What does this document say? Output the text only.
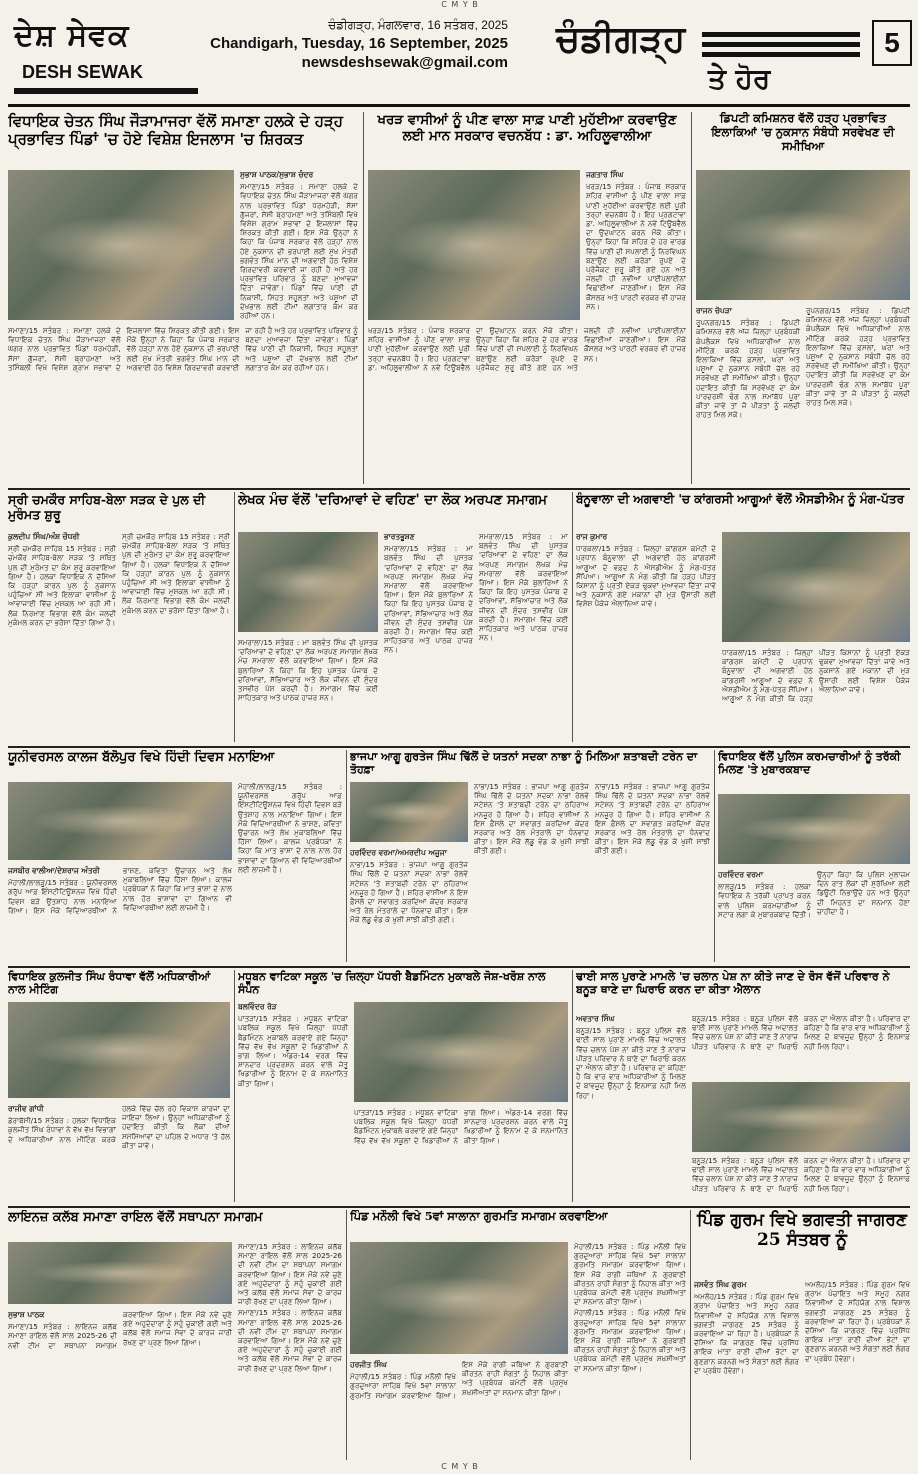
C M Y B
ਦੇਸ਼ ਸੇਵਕ
DESH SEWAK
ਚੰਡੀਗੜ੍ਹ, ਮੰਗਲਵਾਰ, 16 ਸਤੰਬਰ, 2025
Chandigarh, Tuesday, 16 September, 2025
newsdeshsewak@gmail.com
ਚੰਡੀਗੜ੍ਹ
ਤੇ ਹੋਰ
5
ਵਿਧਾਇਕ ਚੇਤਨ ਸਿੰਘ ਜੌੜਾਮਾਜਰਾ ਵੱਲੋਂ ਸਮਾਣਾ ਹਲਕੇ ਦੇ ਹੜ੍ਹ ਪ੍ਰਭਾਵਿਤ ਪਿੰਡਾਂ 'ਚ ਹੋਏ ਵਿਸ਼ੇਸ਼ ਇਜਲਾਸ 'ਚ ਸ਼ਿਰਕਤ
ਸੁਭਾਸ਼ ਪਾਠਕ/ਸੁਭਾਸ਼ ਚੰਦਰ

ਸਮਾਣਾ/15 ਸਤੰਬਰ : ਸਮਾਣਾ ਹਲਕੇ ਦੇ ਵਿਧਾਇਕ ਚੇਤਨ ਸਿੰਘ ਜੌੜਾਮਾਜਰਾ ਵੱਲੋਂ ਘੱਗਰ ਨਾਲ ਪ੍ਰਭਾਵਿਤ ਪਿੰਡਾਂ ਧਰਮਹੇੜੀ, ਸੱਸਾ ਗੁੱਜਰਾਂ, ਸੱਸੀ ਬ੍ਰਾਹਮਣਾਂ ਅਤੇ ਤਸਿੰਬਲੀ ਵਿਖੇ ਵਿਸ਼ੇਸ਼ ਗ੍ਰਾਮ ਸਭਾਵਾਂ ਦੇ ਇਜਲਾਸਾਂ ਵਿੱਚ ਸ਼ਿਰਕਤ ਕੀਤੀ ਗਈ। ਇਸ ਮੌਕੇ ਉਨ੍ਹਾਂ ਨੇ ਕਿਹਾ ਕਿ ਪੰਜਾਬ ਸਰਕਾਰ ਵੱਲੋਂ ਹੜ੍ਹਾਂ ਨਾਲ ਹੋਏ ਨੁਕਸਾਨ ਦੀ ਭਰਪਾਈ ਲਈ ਮੁੱਖ ਮੰਤਰੀ ਭਗਵੰਤ ਸਿੰਘ ਮਾਨ ਦੀ ਅਗਵਾਈ ਹੇਠ ਵਿਸ਼ੇਸ਼ ਗਿਰਦਾਵਰੀ ਕਰਵਾਈ ਜਾ ਰਹੀ ਹੈ ਅਤੇ ਹਰ ਪ੍ਰਭਾਵਿਤ ਪਰਿਵਾਰ ਨੂੰ ਬਣਦਾ ਮੁਆਵਜ਼ਾ ਦਿੱਤਾ ਜਾਵੇਗਾ। ਪਿੰਡਾਂ ਵਿੱਚ ਪਾਣੀ ਦੀ ਨਿਕਾਸੀ, ਸਿਹਤ ਸਹੂਲਤਾਂ ਅਤੇ ਪਸ਼ੂਆਂ ਦੀ ਦੇਖਭਾਲ ਲਈ ਟੀਮਾਂ ਲਗਾਤਾਰ ਕੰਮ ਕਰ ਰਹੀਆਂ ਹਨ।

ਸਮਾਣਾ/15 ਸਤੰਬਰ : ਸਮਾਣਾ ਹਲਕੇ ਦੇ ਵਿਧਾਇਕ ਚੇਤਨ ਸਿੰਘ ਜੌੜਾਮਾਜਰਾ ਵੱਲੋਂ ਘੱਗਰ ਨਾਲ ਪ੍ਰਭਾਵਿਤ ਪਿੰਡਾਂ ਧਰਮਹੇੜੀ, ਸੱਸਾ ਗੁੱਜਰਾਂ, ਸੱਸੀ ਬ੍ਰਾਹਮਣਾਂ ਅਤੇ ਤਸਿੰਬਲੀ ਵਿਖੇ ਵਿਸ਼ੇਸ਼ ਗ੍ਰਾਮ ਸਭਾਵਾਂ ਦੇ ਇਜਲਾਸਾਂ ਵਿੱਚ ਸ਼ਿਰਕਤ ਕੀਤੀ ਗਈ। ਇਸ ਮੌਕੇ ਉਨ੍ਹਾਂ ਨੇ ਕਿਹਾ ਕਿ ਪੰਜਾਬ ਸਰਕਾਰ ਵੱਲੋਂ ਹੜ੍ਹਾਂ ਨਾਲ ਹੋਏ ਨੁਕਸਾਨ ਦੀ ਭਰਪਾਈ ਲਈ ਮੁੱਖ ਮੰਤਰੀ ਭਗਵੰਤ ਸਿੰਘ ਮਾਨ ਦੀ ਅਗਵਾਈ ਹੇਠ ਵਿਸ਼ੇਸ਼ ਗਿਰਦਾਵਰੀ ਕਰਵਾਈ ਜਾ ਰਹੀ ਹੈ ਅਤੇ ਹਰ ਪ੍ਰਭਾਵਿਤ ਪਰਿਵਾਰ ਨੂੰ ਬਣਦਾ ਮੁਆਵਜ਼ਾ ਦਿੱਤਾ ਜਾਵੇਗਾ। ਪਿੰਡਾਂ ਵਿੱਚ ਪਾਣੀ ਦੀ ਨਿਕਾਸੀ, ਸਿਹਤ ਸਹੂਲਤਾਂ ਅਤੇ ਪਸ਼ੂਆਂ ਦੀ ਦੇਖਭਾਲ ਲਈ ਟੀਮਾਂ ਲਗਾਤਾਰ ਕੰਮ ਕਰ ਰਹੀਆਂ ਹਨ।

ਖਰੜ ਵਾਸੀਆਂ ਨੂੰ ਪੀਣ ਵਾਲਾ ਸਾਫ਼ ਪਾਣੀ ਮੁਹੱਈਆ ਕਰਵਾਉਣ ਲਈ ਮਾਨ ਸਰਕਾਰ ਵਚਨਬੱਧ : ਡਾ. ਅਹਿਲੂਵਾਲੀਆ
ਜਗਤਾਰ ਸਿੰਘ

ਖਰੜ/15 ਸਤੰਬਰ : ਪੰਜਾਬ ਸਰਕਾਰ ਸ਼ਹਿਰ ਵਾਸੀਆਂ ਨੂੰ ਪੀਣ ਵਾਲਾ ਸਾਫ਼ ਪਾਣੀ ਮੁਹੱਈਆ ਕਰਵਾਉਣ ਲਈ ਪੂਰੀ ਤਰ੍ਹਾਂ ਵਚਨਬੱਧ ਹੈ। ਇਹ ਪ੍ਰਗਟਾਵਾ ਡਾ. ਅਹਿਲੂਵਾਲੀਆ ਨੇ ਨਵੇਂ ਟਿਊਬਵੈੱਲ ਦਾ ਉਦਘਾਟਨ ਕਰਨ ਮੌਕੇ ਕੀਤਾ। ਉਨ੍ਹਾਂ ਕਿਹਾ ਕਿ ਸ਼ਹਿਰ ਦੇ ਹਰ ਵਾਰਡ ਵਿੱਚ ਪਾਣੀ ਦੀ ਸਪਲਾਈ ਨੂੰ ਨਿਰਵਿਘਨ ਬਣਾਉਣ ਲਈ ਕਰੋੜਾਂ ਰੁਪਏ ਦੇ ਪ੍ਰੋਜੈਕਟ ਸ਼ੁਰੂ ਕੀਤੇ ਗਏ ਹਨ ਅਤੇ ਜਲਦੀ ਹੀ ਨਵੀਆਂ ਪਾਈਪਲਾਈਨਾਂ ਵਿਛਾਈਆਂ ਜਾਣਗੀਆਂ। ਇਸ ਮੌਕੇ ਕੌਂਸਲਰ ਅਤੇ ਪਾਰਟੀ ਵਰਕਰ ਵੀ ਹਾਜ਼ਰ ਸਨ।

ਖਰੜ/15 ਸਤੰਬਰ : ਪੰਜਾਬ ਸਰਕਾਰ ਸ਼ਹਿਰ ਵਾਸੀਆਂ ਨੂੰ ਪੀਣ ਵਾਲਾ ਸਾਫ਼ ਪਾਣੀ ਮੁਹੱਈਆ ਕਰਵਾਉਣ ਲਈ ਪੂਰੀ ਤਰ੍ਹਾਂ ਵਚਨਬੱਧ ਹੈ। ਇਹ ਪ੍ਰਗਟਾਵਾ ਡਾ. ਅਹਿਲੂਵਾਲੀਆ ਨੇ ਨਵੇਂ ਟਿਊਬਵੈੱਲ ਦਾ ਉਦਘਾਟਨ ਕਰਨ ਮੌਕੇ ਕੀਤਾ। ਉਨ੍ਹਾਂ ਕਿਹਾ ਕਿ ਸ਼ਹਿਰ ਦੇ ਹਰ ਵਾਰਡ ਵਿੱਚ ਪਾਣੀ ਦੀ ਸਪਲਾਈ ਨੂੰ ਨਿਰਵਿਘਨ ਬਣਾਉਣ ਲਈ ਕਰੋੜਾਂ ਰੁਪਏ ਦੇ ਪ੍ਰੋਜੈਕਟ ਸ਼ੁਰੂ ਕੀਤੇ ਗਏ ਹਨ ਅਤੇ ਜਲਦੀ ਹੀ ਨਵੀਆਂ ਪਾਈਪਲਾਈਨਾਂ ਵਿਛਾਈਆਂ ਜਾਣਗੀਆਂ। ਇਸ ਮੌਕੇ ਕੌਂਸਲਰ ਅਤੇ ਪਾਰਟੀ ਵਰਕਰ ਵੀ ਹਾਜ਼ਰ ਸਨ।

ਡਿਪਟੀ ਕਮਿਸ਼ਨਰ ਵੱਲੋਂ ਹੜ੍ਹ ਪ੍ਰਭਾਵਿਤ ਇਲਾਕਿਆਂ 'ਚ ਨੁਕਸਾਨ ਸੰਬੰਧੀ ਸਰਵੇਖਣ ਦੀ ਸਮੀਖਿਆ
ਰਾਜਨ ਚੋਪੜਾ

ਰੂਪਨਗਰ/15 ਸਤੰਬਰ : ਡਿਪਟੀ ਕਮਿਸ਼ਨਰ ਵੱਲੋਂ ਅੱਜ ਜ਼ਿਲ੍ਹਾ ਪ੍ਰਬੰਧਕੀ ਕੰਪਲੈਕਸ ਵਿਖੇ ਅਧਿਕਾਰੀਆਂ ਨਾਲ ਮੀਟਿੰਗ ਕਰਕੇ ਹੜ੍ਹ ਪ੍ਰਭਾਵਿਤ ਇਲਾਕਿਆਂ ਵਿੱਚ ਫ਼ਸਲਾਂ, ਘਰਾਂ ਅਤੇ ਪਸ਼ੂਆਂ ਦੇ ਨੁਕਸਾਨ ਸਬੰਧੀ ਚੱਲ ਰਹੇ ਸਰਵੇਖਣ ਦੀ ਸਮੀਖਿਆ ਕੀਤੀ। ਉਨ੍ਹਾਂ ਹਦਾਇਤ ਕੀਤੀ ਕਿ ਸਰਵੇਖਣ ਦਾ ਕੰਮ ਪਾਰਦਰਸ਼ੀ ਢੰਗ ਨਾਲ ਸਮਾਂਬੱਧ ਪੂਰਾ ਕੀਤਾ ਜਾਵੇ ਤਾਂ ਜੋ ਪੀੜਤਾਂ ਨੂੰ ਜਲਦੀ ਰਾਹਤ ਮਿਲ ਸਕੇ।

ਰੂਪਨਗਰ/15 ਸਤੰਬਰ : ਡਿਪਟੀ ਕਮਿਸ਼ਨਰ ਵੱਲੋਂ ਅੱਜ ਜ਼ਿਲ੍ਹਾ ਪ੍ਰਬੰਧਕੀ ਕੰਪਲੈਕਸ ਵਿਖੇ ਅਧਿਕਾਰੀਆਂ ਨਾਲ ਮੀਟਿੰਗ ਕਰਕੇ ਹੜ੍ਹ ਪ੍ਰਭਾਵਿਤ ਇਲਾਕਿਆਂ ਵਿੱਚ ਫ਼ਸਲਾਂ, ਘਰਾਂ ਅਤੇ ਪਸ਼ੂਆਂ ਦੇ ਨੁਕਸਾਨ ਸਬੰਧੀ ਚੱਲ ਰਹੇ ਸਰਵੇਖਣ ਦੀ ਸਮੀਖਿਆ ਕੀਤੀ। ਉਨ੍ਹਾਂ ਹਦਾਇਤ ਕੀਤੀ ਕਿ ਸਰਵੇਖਣ ਦਾ ਕੰਮ ਪਾਰਦਰਸ਼ੀ ਢੰਗ ਨਾਲ ਸਮਾਂਬੱਧ ਪੂਰਾ ਕੀਤਾ ਜਾਵੇ ਤਾਂ ਜੋ ਪੀੜਤਾਂ ਨੂੰ ਜਲਦੀ ਰਾਹਤ ਮਿਲ ਸਕੇ।

ਸ੍ਰੀ ਚਮਕੌਰ ਸਾਹਿਬ-ਬੇਲਾ ਸੜਕ ਦੇ ਪੁਲ ਦੀ ਮੁਰੰਮਤ ਸ਼ੁਰੂ
ਕੁਲਦੀਪ ਸਿੰਘ/ਅੰਸ਼ ਚੌਧਰੀ

ਸ੍ਰੀ ਚਮਕੌਰ ਸਾਹਿਬ 15 ਸਤੰਬਰ : ਸ੍ਰੀ ਚਮਕੌਰ ਸਾਹਿਬ-ਬੇਲਾ ਸੜਕ 'ਤੇ ਸਥਿਤ ਪੁਲ ਦੀ ਮੁਰੰਮਤ ਦਾ ਕੰਮ ਸ਼ੁਰੂ ਕਰਵਾਇਆ ਗਿਆ ਹੈ। ਹਲਕਾ ਵਿਧਾਇਕ ਨੇ ਦੱਸਿਆ ਕਿ ਹੜ੍ਹਾਂ ਕਾਰਨ ਪੁਲ ਨੂੰ ਨੁਕਸਾਨ ਪਹੁੰਚਿਆ ਸੀ ਅਤੇ ਇਲਾਕਾ ਵਾਸੀਆਂ ਨੂੰ ਆਵਾਜਾਈ ਵਿੱਚ ਮੁਸ਼ਕਲ ਆ ਰਹੀ ਸੀ। ਲੋਕ ਨਿਰਮਾਣ ਵਿਭਾਗ ਵੱਲੋਂ ਕੰਮ ਜਲਦੀ ਮੁਕੰਮਲ ਕਰਨ ਦਾ ਭਰੋਸਾ ਦਿੱਤਾ ਗਿਆ ਹੈ।

ਸ੍ਰੀ ਚਮਕੌਰ ਸਾਹਿਬ 15 ਸਤੰਬਰ : ਸ੍ਰੀ ਚਮਕੌਰ ਸਾਹਿਬ-ਬੇਲਾ ਸੜਕ 'ਤੇ ਸਥਿਤ ਪੁਲ ਦੀ ਮੁਰੰਮਤ ਦਾ ਕੰਮ ਸ਼ੁਰੂ ਕਰਵਾਇਆ ਗਿਆ ਹੈ। ਹਲਕਾ ਵਿਧਾਇਕ ਨੇ ਦੱਸਿਆ ਕਿ ਹੜ੍ਹਾਂ ਕਾਰਨ ਪੁਲ ਨੂੰ ਨੁਕਸਾਨ ਪਹੁੰਚਿਆ ਸੀ ਅਤੇ ਇਲਾਕਾ ਵਾਸੀਆਂ ਨੂੰ ਆਵਾਜਾਈ ਵਿੱਚ ਮੁਸ਼ਕਲ ਆ ਰਹੀ ਸੀ। ਲੋਕ ਨਿਰਮਾਣ ਵਿਭਾਗ ਵੱਲੋਂ ਕੰਮ ਜਲਦੀ ਮੁਕੰਮਲ ਕਰਨ ਦਾ ਭਰੋਸਾ ਦਿੱਤਾ ਗਿਆ ਹੈ।

ਲੇਖਕ ਮੰਚ ਵੱਲੋਂ 'ਦਰਿਆਵਾਂ ਦੇ ਵਹਿਣ' ਦਾ ਲੋਕ ਅਰਪਣ ਸਮਾਗਮ
ਭਾਰਤਭੂਸ਼ਣ

ਸਮਰਾਲਾ/15 ਸਤੰਬਰ : ਮਾ ਬਲਵੰਤ ਸਿੰਘ ਦੀ ਪੁਸਤਕ 'ਦਰਿਆਵਾਂ ਦੇ ਵਹਿਣ' ਦਾ ਲੋਕ ਅਰਪਣ ਸਮਾਗਮ ਲੇਖਕ ਮੰਚ ਸਮਰਾਲਾ ਵੱਲੋਂ ਕਰਵਾਇਆ ਗਿਆ। ਇਸ ਮੌਕੇ ਬੁਲਾਰਿਆਂ ਨੇ ਕਿਹਾ ਕਿ ਇਹ ਪੁਸਤਕ ਪੰਜਾਬ ਦੇ ਦਰਿਆਵਾਂ, ਸੱਭਿਆਚਾਰ ਅਤੇ ਲੋਕ ਜੀਵਨ ਦੀ ਸੁੰਦਰ ਤਸਵੀਰ ਪੇਸ਼ ਕਰਦੀ ਹੈ। ਸਮਾਗਮ ਵਿੱਚ ਕਈ ਸਾਹਿਤਕਾਰ ਅਤੇ ਪਾਠਕ ਹਾਜ਼ਰ ਸਨ।

ਸਮਰਾਲਾ/15 ਸਤੰਬਰ : ਮਾ ਬਲਵੰਤ ਸਿੰਘ ਦੀ ਪੁਸਤਕ 'ਦਰਿਆਵਾਂ ਦੇ ਵਹਿਣ' ਦਾ ਲੋਕ ਅਰਪਣ ਸਮਾਗਮ ਲੇਖਕ ਮੰਚ ਸਮਰਾਲਾ ਵੱਲੋਂ ਕਰਵਾਇਆ ਗਿਆ। ਇਸ ਮੌਕੇ ਬੁਲਾਰਿਆਂ ਨੇ ਕਿਹਾ ਕਿ ਇਹ ਪੁਸਤਕ ਪੰਜਾਬ ਦੇ ਦਰਿਆਵਾਂ, ਸੱਭਿਆਚਾਰ ਅਤੇ ਲੋਕ ਜੀਵਨ ਦੀ ਸੁੰਦਰ ਤਸਵੀਰ ਪੇਸ਼ ਕਰਦੀ ਹੈ। ਸਮਾਗਮ ਵਿੱਚ ਕਈ ਸਾਹਿਤਕਾਰ ਅਤੇ ਪਾਠਕ ਹਾਜ਼ਰ ਸਨ।

ਸਮਰਾਲਾ/15 ਸਤੰਬਰ : ਮਾ ਬਲਵੰਤ ਸਿੰਘ ਦੀ ਪੁਸਤਕ 'ਦਰਿਆਵਾਂ ਦੇ ਵਹਿਣ' ਦਾ ਲੋਕ ਅਰਪਣ ਸਮਾਗਮ ਲੇਖਕ ਮੰਚ ਸਮਰਾਲਾ ਵੱਲੋਂ ਕਰਵਾਇਆ ਗਿਆ। ਇਸ ਮੌਕੇ ਬੁਲਾਰਿਆਂ ਨੇ ਕਿਹਾ ਕਿ ਇਹ ਪੁਸਤਕ ਪੰਜਾਬ ਦੇ ਦਰਿਆਵਾਂ, ਸੱਭਿਆਚਾਰ ਅਤੇ ਲੋਕ ਜੀਵਨ ਦੀ ਸੁੰਦਰ ਤਸਵੀਰ ਪੇਸ਼ ਕਰਦੀ ਹੈ। ਸਮਾਗਮ ਵਿੱਚ ਕਈ ਸਾਹਿਤਕਾਰ ਅਤੇ ਪਾਠਕ ਹਾਜ਼ਰ ਸਨ।

ਬੰਨੂਵਾਲਾ ਦੀ ਅਗਵਾਈ 'ਚ ਕਾਂਗਰਸੀ ਆਗੂਆਂ ਵੱਲੋਂ ਐਸਡੀਐਮ ਨੂੰ ਮੰਗ-ਪੱਤਰ
ਰਾਜ ਕੁਮਾਰ

ਧਾਰਕਲਾਂ/15 ਸਤੰਬਰ : ਜ਼ਿਲ੍ਹਾ ਕਾਂਗਰਸ ਕਮੇਟੀ ਦੇ ਪ੍ਰਧਾਨ ਬੰਨੂਵਾਲਾ ਦੀ ਅਗਵਾਈ ਹੇਠ ਕਾਂਗਰਸੀ ਆਗੂਆਂ ਦੇ ਵਫ਼ਦ ਨੇ ਐਸਡੀਐਮ ਨੂੰ ਮੰਗ-ਪੱਤਰ ਸੌਂਪਿਆ। ਆਗੂਆਂ ਨੇ ਮੰਗ ਕੀਤੀ ਕਿ ਹੜ੍ਹ ਪੀੜਤ ਕਿਸਾਨਾਂ ਨੂੰ ਪ੍ਰਤੀ ਏਕੜ ਢੁਕਵਾਂ ਮੁਆਵਜ਼ਾ ਦਿੱਤਾ ਜਾਵੇ ਅਤੇ ਨੁਕਸਾਨੇ ਗਏ ਮਕਾਨਾਂ ਦੀ ਮੁੜ ਉਸਾਰੀ ਲਈ ਵਿਸ਼ੇਸ਼ ਪੈਕੇਜ ਐਲਾਨਿਆ ਜਾਵੇ।

ਧਾਰਕਲਾਂ/15 ਸਤੰਬਰ : ਜ਼ਿਲ੍ਹਾ ਕਾਂਗਰਸ ਕਮੇਟੀ ਦੇ ਪ੍ਰਧਾਨ ਬੰਨੂਵਾਲਾ ਦੀ ਅਗਵਾਈ ਹੇਠ ਕਾਂਗਰਸੀ ਆਗੂਆਂ ਦੇ ਵਫ਼ਦ ਨੇ ਐਸਡੀਐਮ ਨੂੰ ਮੰਗ-ਪੱਤਰ ਸੌਂਪਿਆ। ਆਗੂਆਂ ਨੇ ਮੰਗ ਕੀਤੀ ਕਿ ਹੜ੍ਹ ਪੀੜਤ ਕਿਸਾਨਾਂ ਨੂੰ ਪ੍ਰਤੀ ਏਕੜ ਢੁਕਵਾਂ ਮੁਆਵਜ਼ਾ ਦਿੱਤਾ ਜਾਵੇ ਅਤੇ ਨੁਕਸਾਨੇ ਗਏ ਮਕਾਨਾਂ ਦੀ ਮੁੜ ਉਸਾਰੀ ਲਈ ਵਿਸ਼ੇਸ਼ ਪੈਕੇਜ ਐਲਾਨਿਆ ਜਾਵੇ।

ਯੂਨੀਵਰਸਲ ਕਾਲਜ ਬੱਲੋਪੁਰ ਵਿਖੇ ਹਿੰਦੀ ਦਿਵਸ ਮਨਾਇਆ

ਮੋਹਾਲੀ/ਲਾਲੜੂ/15 ਸਤੰਬਰ : ਯੂਨੀਵਰਸਲ ਗਰੁੱਪ ਆਫ਼ ਇੰਸਟੀਟਿਊਸ਼ਨਜ਼ ਵਿਖੇ ਹਿੰਦੀ ਦਿਵਸ ਬੜੇ ਉਤਸ਼ਾਹ ਨਾਲ ਮਨਾਇਆ ਗਿਆ। ਇਸ ਮੌਕੇ ਵਿਦਿਆਰਥੀਆਂ ਨੇ ਭਾਸ਼ਣ, ਕਵਿਤਾ ਉਚਾਰਨ ਅਤੇ ਲੇਖ ਮੁਕਾਬਲਿਆਂ ਵਿੱਚ ਹਿੱਸਾ ਲਿਆ। ਕਾਲਜ ਪ੍ਰਬੰਧਕਾਂ ਨੇ ਕਿਹਾ ਕਿ ਮਾਤ ਭਾਸ਼ਾ ਦੇ ਨਾਲ ਨਾਲ ਹੋਰ ਭਾਸ਼ਾਵਾਂ ਦਾ ਗਿਆਨ ਵੀ ਵਿਦਿਆਰਥੀਆਂ ਲਈ ਲਾਜ਼ਮੀ ਹੈ।

ਜਸਬੀਰ ਵਾਲੀਆ/ਦੇਸ਼ਰਾਜ ਅੰਤਰੀ

ਮੋਹਾਲੀ/ਲਾਲੜੂ/15 ਸਤੰਬਰ : ਯੂਨੀਵਰਸਲ ਗਰੁੱਪ ਆਫ਼ ਇੰਸਟੀਟਿਊਸ਼ਨਜ਼ ਵਿਖੇ ਹਿੰਦੀ ਦਿਵਸ ਬੜੇ ਉਤਸ਼ਾਹ ਨਾਲ ਮਨਾਇਆ ਗਿਆ। ਇਸ ਮੌਕੇ ਵਿਦਿਆਰਥੀਆਂ ਨੇ ਭਾਸ਼ਣ, ਕਵਿਤਾ ਉਚਾਰਨ ਅਤੇ ਲੇਖ ਮੁਕਾਬਲਿਆਂ ਵਿੱਚ ਹਿੱਸਾ ਲਿਆ। ਕਾਲਜ ਪ੍ਰਬੰਧਕਾਂ ਨੇ ਕਿਹਾ ਕਿ ਮਾਤ ਭਾਸ਼ਾ ਦੇ ਨਾਲ ਨਾਲ ਹੋਰ ਭਾਸ਼ਾਵਾਂ ਦਾ ਗਿਆਨ ਵੀ ਵਿਦਿਆਰਥੀਆਂ ਲਈ ਲਾਜ਼ਮੀ ਹੈ।

ਭਾਜਪਾ ਆਗੂ ਗੁਰਤੇਜ ਸਿੰਘ ਢਿੱਲੋਂ ਦੇ ਯਤਨਾਂ ਸਦਕਾ ਨਾਭਾ ਨੂੰ ਮਿਲਿਆ ਸ਼ਤਾਬਦੀ ਟਰੇਨ ਦਾ ਤੋਹਫ਼ਾ
ਹਰਵਿੰਦਰ ਵਰਮਾ/ਅਮਰਦੀਪ ਅਜੂਜਾ

ਨਾਭਾ/15 ਸਤੰਬਰ : ਭਾਜਪਾ ਆਗੂ ਗੁਰਤੇਜ ਸਿੰਘ ਢਿੱਲੋਂ ਦੇ ਯਤਨਾਂ ਸਦਕਾ ਨਾਭਾ ਰੇਲਵੇ ਸਟੇਸ਼ਨ 'ਤੇ ਸ਼ਤਾਬਦੀ ਟਰੇਨ ਦਾ ਠਹਿਰਾਅ ਮਨਜ਼ੂਰ ਹੋ ਗਿਆ ਹੈ। ਸ਼ਹਿਰ ਵਾਸੀਆਂ ਨੇ ਇਸ ਫ਼ੈਸਲੇ ਦਾ ਸਵਾਗਤ ਕਰਦਿਆਂ ਕੇਂਦਰ ਸਰਕਾਰ ਅਤੇ ਰੇਲ ਮੰਤਰਾਲੇ ਦਾ ਧੰਨਵਾਦ ਕੀਤਾ। ਇਸ ਮੌਕੇ ਲੱਡੂ ਵੰਡ ਕੇ ਖੁਸ਼ੀ ਸਾਂਝੀ ਕੀਤੀ ਗਈ।

ਨਾਭਾ/15 ਸਤੰਬਰ : ਭਾਜਪਾ ਆਗੂ ਗੁਰਤੇਜ ਸਿੰਘ ਢਿੱਲੋਂ ਦੇ ਯਤਨਾਂ ਸਦਕਾ ਨਾਭਾ ਰੇਲਵੇ ਸਟੇਸ਼ਨ 'ਤੇ ਸ਼ਤਾਬਦੀ ਟਰੇਨ ਦਾ ਠਹਿਰਾਅ ਮਨਜ਼ੂਰ ਹੋ ਗਿਆ ਹੈ। ਸ਼ਹਿਰ ਵਾਸੀਆਂ ਨੇ ਇਸ ਫ਼ੈਸਲੇ ਦਾ ਸਵਾਗਤ ਕਰਦਿਆਂ ਕੇਂਦਰ ਸਰਕਾਰ ਅਤੇ ਰੇਲ ਮੰਤਰਾਲੇ ਦਾ ਧੰਨਵਾਦ ਕੀਤਾ। ਇਸ ਮੌਕੇ ਲੱਡੂ ਵੰਡ ਕੇ ਖੁਸ਼ੀ ਸਾਂਝੀ ਕੀਤੀ ਗਈ।

ਨਾਭਾ/15 ਸਤੰਬਰ : ਭਾਜਪਾ ਆਗੂ ਗੁਰਤੇਜ ਸਿੰਘ ਢਿੱਲੋਂ ਦੇ ਯਤਨਾਂ ਸਦਕਾ ਨਾਭਾ ਰੇਲਵੇ ਸਟੇਸ਼ਨ 'ਤੇ ਸ਼ਤਾਬਦੀ ਟਰੇਨ ਦਾ ਠਹਿਰਾਅ ਮਨਜ਼ੂਰ ਹੋ ਗਿਆ ਹੈ। ਸ਼ਹਿਰ ਵਾਸੀਆਂ ਨੇ ਇਸ ਫ਼ੈਸਲੇ ਦਾ ਸਵਾਗਤ ਕਰਦਿਆਂ ਕੇਂਦਰ ਸਰਕਾਰ ਅਤੇ ਰੇਲ ਮੰਤਰਾਲੇ ਦਾ ਧੰਨਵਾਦ ਕੀਤਾ। ਇਸ ਮੌਕੇ ਲੱਡੂ ਵੰਡ ਕੇ ਖੁਸ਼ੀ ਸਾਂਝੀ ਕੀਤੀ ਗਈ।

ਵਿਧਾਇਕ ਵੱਲੋਂ ਪੁਲਿਸ ਕਰਮਚਾਰੀਆਂ ਨੂੰ ਤਰੱਕੀ ਮਿਲਣ 'ਤੇ ਮੁਬਾਰਕਬਾਦ
ਹਰਵਿੰਦਰ ਵਰਮਾ

ਲਾਲੜੂ/15 ਸਤੰਬਰ : ਹਲਕਾ ਵਿਧਾਇਕ ਨੇ ਤਰੱਕੀ ਪ੍ਰਾਪਤ ਕਰਨ ਵਾਲੇ ਪੁਲਿਸ ਕਰਮਚਾਰੀਆਂ ਨੂੰ ਸਟਾਰ ਲਗਾ ਕੇ ਮੁਬਾਰਕਬਾਦ ਦਿੱਤੀ। ਉਨ੍ਹਾਂ ਕਿਹਾ ਕਿ ਪੁਲਿਸ ਮੁਲਾਜ਼ਮ ਦਿਨ ਰਾਤ ਲੋਕਾਂ ਦੀ ਸੁਰੱਖਿਆ ਲਈ ਡਿਊਟੀ ਨਿਭਾਉਂਦੇ ਹਨ ਅਤੇ ਉਨ੍ਹਾਂ ਦੀ ਮਿਹਨਤ ਦਾ ਸਨਮਾਨ ਹੋਣਾ ਚਾਹੀਦਾ ਹੈ।

ਵਿਧਾਇਕ ਕੁਲਜੀਤ ਸਿੰਘ ਰੰਧਾਵਾ ਵੱਲੋਂ ਅਧਿਕਾਰੀਆਂ ਨਾਲ ਮੀਟਿੰਗ
ਰਾਜੀਵ ਗਾਂਧੀ

ਡੇਰਾਬੱਸੀ/15 ਸਤੰਬਰ : ਹਲਕਾ ਵਿਧਾਇਕ ਕੁਲਜੀਤ ਸਿੰਘ ਰੰਧਾਵਾ ਨੇ ਵੱਖ ਵੱਖ ਵਿਭਾਗਾਂ ਦੇ ਅਧਿਕਾਰੀਆਂ ਨਾਲ ਮੀਟਿੰਗ ਕਰਕੇ ਹਲਕੇ ਵਿੱਚ ਚੱਲ ਰਹੇ ਵਿਕਾਸ ਕਾਰਜਾਂ ਦਾ ਜਾਇਜ਼ਾ ਲਿਆ। ਉਨ੍ਹਾਂ ਅਧਿਕਾਰੀਆਂ ਨੂੰ ਹਦਾਇਤ ਕੀਤੀ ਕਿ ਲੋਕਾਂ ਦੀਆਂ ਸਮੱਸਿਆਵਾਂ ਦਾ ਪਹਿਲ ਦੇ ਅਧਾਰ 'ਤੇ ਹੱਲ ਕੀਤਾ ਜਾਵੇ।

ਮਧੂਬਨ ਵਾਟਿਕਾ ਸਕੂਲ 'ਚ ਜ਼ਿਲ੍ਹਾ ਪੱਧਰੀ ਬੈਡਮਿੰਟਨ ਮੁਕਾਬਲੇ ਜੋਸ਼-ਖਰੋਸ਼ ਨਾਲ ਸੰਪੰਨ
ਬਲਵਿੰਦਰ ਰੋੜ

ਪਾਤੜਾਂ/15 ਸਤੰਬਰ : ਮਧੂਬਨ ਵਾਟਿਕਾ ਪਬਲਿਕ ਸਕੂਲ ਵਿਖੇ ਜ਼ਿਲ੍ਹਾ ਪੱਧਰੀ ਬੈਡਮਿੰਟਨ ਮੁਕਾਬਲੇ ਕਰਵਾਏ ਗਏ ਜਿਨ੍ਹਾਂ ਵਿੱਚ ਵੱਖ ਵੱਖ ਸਕੂਲਾਂ ਦੇ ਖਿਡਾਰੀਆਂ ਨੇ ਭਾਗ ਲਿਆ। ਅੰਡਰ-14 ਵਰਗ ਵਿੱਚ ਸ਼ਾਨਦਾਰ ਪ੍ਰਦਰਸ਼ਨ ਕਰਨ ਵਾਲੇ ਜੇਤੂ ਖਿਡਾਰੀਆਂ ਨੂੰ ਇਨਾਮ ਦੇ ਕੇ ਸਨਮਾਨਿਤ ਕੀਤਾ ਗਿਆ।

ਪਾਤੜਾਂ/15 ਸਤੰਬਰ : ਮਧੂਬਨ ਵਾਟਿਕਾ ਪਬਲਿਕ ਸਕੂਲ ਵਿਖੇ ਜ਼ਿਲ੍ਹਾ ਪੱਧਰੀ ਬੈਡਮਿੰਟਨ ਮੁਕਾਬਲੇ ਕਰਵਾਏ ਗਏ ਜਿਨ੍ਹਾਂ ਵਿੱਚ ਵੱਖ ਵੱਖ ਸਕੂਲਾਂ ਦੇ ਖਿਡਾਰੀਆਂ ਨੇ ਭਾਗ ਲਿਆ। ਅੰਡਰ-14 ਵਰਗ ਵਿੱਚ ਸ਼ਾਨਦਾਰ ਪ੍ਰਦਰਸ਼ਨ ਕਰਨ ਵਾਲੇ ਜੇਤੂ ਖਿਡਾਰੀਆਂ ਨੂੰ ਇਨਾਮ ਦੇ ਕੇ ਸਨਮਾਨਿਤ ਕੀਤਾ ਗਿਆ।

ਢਾਈ ਸਾਲ ਪੁਰਾਣੇ ਮਾਮਲੇ 'ਚ ਚਲਾਨ ਪੇਸ਼ ਨਾ ਕੀਤੇ ਜਾਣ ਦੇ ਰੋਸ ਵੱਜੋਂ ਪਰਿਵਾਰ ਨੇ ਬਨੂੜ ਥਾਣੇ ਦਾ ਘਿਰਾਓ ਕਰਨ ਦਾ ਕੀਤਾ ਐਲਾਨ
ਅਵਤਾਰ ਸਿੰਘ

ਬਨੂੜ/15 ਸਤੰਬਰ : ਬਨੂੜ ਪੁਲਿਸ ਵੱਲੋਂ ਢਾਈ ਸਾਲ ਪੁਰਾਣੇ ਮਾਮਲੇ ਵਿੱਚ ਅਦਾਲਤ ਵਿੱਚ ਚਲਾਨ ਪੇਸ਼ ਨਾ ਕੀਤੇ ਜਾਣ ਤੋਂ ਨਾਰਾਜ਼ ਪੀੜਤ ਪਰਿਵਾਰ ਨੇ ਥਾਣੇ ਦਾ ਘਿਰਾਓ ਕਰਨ ਦਾ ਐਲਾਨ ਕੀਤਾ ਹੈ। ਪਰਿਵਾਰ ਦਾ ਕਹਿਣਾ ਹੈ ਕਿ ਵਾਰ ਵਾਰ ਅਧਿਕਾਰੀਆਂ ਨੂੰ ਮਿਲਣ ਦੇ ਬਾਵਜੂਦ ਉਨ੍ਹਾਂ ਨੂੰ ਇਨਸਾਫ਼ ਨਹੀਂ ਮਿਲ ਰਿਹਾ।

ਬਨੂੜ/15 ਸਤੰਬਰ : ਬਨੂੜ ਪੁਲਿਸ ਵੱਲੋਂ ਢਾਈ ਸਾਲ ਪੁਰਾਣੇ ਮਾਮਲੇ ਵਿੱਚ ਅਦਾਲਤ ਵਿੱਚ ਚਲਾਨ ਪੇਸ਼ ਨਾ ਕੀਤੇ ਜਾਣ ਤੋਂ ਨਾਰਾਜ਼ ਪੀੜਤ ਪਰਿਵਾਰ ਨੇ ਥਾਣੇ ਦਾ ਘਿਰਾਓ ਕਰਨ ਦਾ ਐਲਾਨ ਕੀਤਾ ਹੈ। ਪਰਿਵਾਰ ਦਾ ਕਹਿਣਾ ਹੈ ਕਿ ਵਾਰ ਵਾਰ ਅਧਿਕਾਰੀਆਂ ਨੂੰ ਮਿਲਣ ਦੇ ਬਾਵਜੂਦ ਉਨ੍ਹਾਂ ਨੂੰ ਇਨਸਾਫ਼ ਨਹੀਂ ਮਿਲ ਰਿਹਾ।

ਬਨੂੜ/15 ਸਤੰਬਰ : ਬਨੂੜ ਪੁਲਿਸ ਵੱਲੋਂ ਢਾਈ ਸਾਲ ਪੁਰਾਣੇ ਮਾਮਲੇ ਵਿੱਚ ਅਦਾਲਤ ਵਿੱਚ ਚਲਾਨ ਪੇਸ਼ ਨਾ ਕੀਤੇ ਜਾਣ ਤੋਂ ਨਾਰਾਜ਼ ਪੀੜਤ ਪਰਿਵਾਰ ਨੇ ਥਾਣੇ ਦਾ ਘਿਰਾਓ ਕਰਨ ਦਾ ਐਲਾਨ ਕੀਤਾ ਹੈ। ਪਰਿਵਾਰ ਦਾ ਕਹਿਣਾ ਹੈ ਕਿ ਵਾਰ ਵਾਰ ਅਧਿਕਾਰੀਆਂ ਨੂੰ ਮਿਲਣ ਦੇ ਬਾਵਜੂਦ ਉਨ੍ਹਾਂ ਨੂੰ ਇਨਸਾਫ਼ ਨਹੀਂ ਮਿਲ ਰਿਹਾ।

ਲਾਇਨਜ਼ ਕਲੱਬ ਸਮਾਣਾ ਰਾਇਲ ਵੱਲੋਂ ਸਥਾਪਨਾ ਸਮਾਗਮ

ਸਮਾਣਾ/15 ਸਤੰਬਰ : ਲਾਇਨਜ਼ ਕਲੱਬ ਸਮਾਣਾ ਰਾਇਲ ਵੱਲੋਂ ਸਾਲ 2025-26 ਦੀ ਨਵੀਂ ਟੀਮ ਦਾ ਸਥਾਪਨਾ ਸਮਾਗਮ ਕਰਵਾਇਆ ਗਿਆ। ਇਸ ਮੌਕੇ ਨਵੇਂ ਚੁਣੇ ਗਏ ਅਹੁਦੇਦਾਰਾਂ ਨੂੰ ਸਹੁੰ ਚੁਕਾਈ ਗਈ ਅਤੇ ਕਲੱਬ ਵੱਲੋਂ ਸਮਾਜ ਸੇਵਾ ਦੇ ਕਾਰਜ ਜਾਰੀ ਰੱਖਣ ਦਾ ਪ੍ਰਣ ਲਿਆ ਗਿਆ।

ਸਮਾਣਾ/15 ਸਤੰਬਰ : ਲਾਇਨਜ਼ ਕਲੱਬ ਸਮਾਣਾ ਰਾਇਲ ਵੱਲੋਂ ਸਾਲ 2025-26 ਦੀ ਨਵੀਂ ਟੀਮ ਦਾ ਸਥਾਪਨਾ ਸਮਾਗਮ ਕਰਵਾਇਆ ਗਿਆ। ਇਸ ਮੌਕੇ ਨਵੇਂ ਚੁਣੇ ਗਏ ਅਹੁਦੇਦਾਰਾਂ ਨੂੰ ਸਹੁੰ ਚੁਕਾਈ ਗਈ ਅਤੇ ਕਲੱਬ ਵੱਲੋਂ ਸਮਾਜ ਸੇਵਾ ਦੇ ਕਾਰਜ ਜਾਰੀ ਰੱਖਣ ਦਾ ਪ੍ਰਣ ਲਿਆ ਗਿਆ।

ਸੁਭਾਸ਼ ਪਾਠਕ

ਸਮਾਣਾ/15 ਸਤੰਬਰ : ਲਾਇਨਜ਼ ਕਲੱਬ ਸਮਾਣਾ ਰਾਇਲ ਵੱਲੋਂ ਸਾਲ 2025-26 ਦੀ ਨਵੀਂ ਟੀਮ ਦਾ ਸਥਾਪਨਾ ਸਮਾਗਮ ਕਰਵਾਇਆ ਗਿਆ। ਇਸ ਮੌਕੇ ਨਵੇਂ ਚੁਣੇ ਗਏ ਅਹੁਦੇਦਾਰਾਂ ਨੂੰ ਸਹੁੰ ਚੁਕਾਈ ਗਈ ਅਤੇ ਕਲੱਬ ਵੱਲੋਂ ਸਮਾਜ ਸੇਵਾ ਦੇ ਕਾਰਜ ਜਾਰੀ ਰੱਖਣ ਦਾ ਪ੍ਰਣ ਲਿਆ ਗਿਆ।

ਪਿੰਡ ਮਨੌਲੀ ਵਿਖੇ 5ਵਾਂ ਸਾਲਾਨਾ ਗੁਰਮਤਿ ਸਮਾਗਮ ਕਰਵਾਇਆ

ਮੋਹਾਲੀ/15 ਸਤੰਬਰ : ਪਿੰਡ ਮਨੌਲੀ ਵਿਖੇ ਗੁਰਦੁਆਰਾ ਸਾਹਿਬ ਵਿਖੇ 5ਵਾਂ ਸਾਲਾਨਾ ਗੁਰਮਤਿ ਸਮਾਗਮ ਕਰਵਾਇਆ ਗਿਆ। ਇਸ ਮੌਕੇ ਰਾਗੀ ਜਥਿਆਂ ਨੇ ਗੁਰਬਾਣੀ ਕੀਰਤਨ ਰਾਹੀਂ ਸੰਗਤਾਂ ਨੂੰ ਨਿਹਾਲ ਕੀਤਾ ਅਤੇ ਪ੍ਰਬੰਧਕ ਕਮੇਟੀ ਵੱਲੋਂ ਪ੍ਰਮੁੱਖ ਸ਼ਖ਼ਸੀਅਤਾਂ ਦਾ ਸਨਮਾਨ ਕੀਤਾ ਗਿਆ।

ਮੋਹਾਲੀ/15 ਸਤੰਬਰ : ਪਿੰਡ ਮਨੌਲੀ ਵਿਖੇ ਗੁਰਦੁਆਰਾ ਸਾਹਿਬ ਵਿਖੇ 5ਵਾਂ ਸਾਲਾਨਾ ਗੁਰਮਤਿ ਸਮਾਗਮ ਕਰਵਾਇਆ ਗਿਆ। ਇਸ ਮੌਕੇ ਰਾਗੀ ਜਥਿਆਂ ਨੇ ਗੁਰਬਾਣੀ ਕੀਰਤਨ ਰਾਹੀਂ ਸੰਗਤਾਂ ਨੂੰ ਨਿਹਾਲ ਕੀਤਾ ਅਤੇ ਪ੍ਰਬੰਧਕ ਕਮੇਟੀ ਵੱਲੋਂ ਪ੍ਰਮੁੱਖ ਸ਼ਖ਼ਸੀਅਤਾਂ ਦਾ ਸਨਮਾਨ ਕੀਤਾ ਗਿਆ।

ਹਰਜੀਤ ਸਿੰਘ

ਮੋਹਾਲੀ/15 ਸਤੰਬਰ : ਪਿੰਡ ਮਨੌਲੀ ਵਿਖੇ ਗੁਰਦੁਆਰਾ ਸਾਹਿਬ ਵਿਖੇ 5ਵਾਂ ਸਾਲਾਨਾ ਗੁਰਮਤਿ ਸਮਾਗਮ ਕਰਵਾਇਆ ਗਿਆ। ਇਸ ਮੌਕੇ ਰਾਗੀ ਜਥਿਆਂ ਨੇ ਗੁਰਬਾਣੀ ਕੀਰਤਨ ਰਾਹੀਂ ਸੰਗਤਾਂ ਨੂੰ ਨਿਹਾਲ ਕੀਤਾ ਅਤੇ ਪ੍ਰਬੰਧਕ ਕਮੇਟੀ ਵੱਲੋਂ ਪ੍ਰਮੁੱਖ ਸ਼ਖ਼ਸੀਅਤਾਂ ਦਾ ਸਨਮਾਨ ਕੀਤਾ ਗਿਆ।

ਪਿੰਡ ਗੁਰਮ ਵਿਖੇ ਭਗਵਤੀ ਜਾਗਰਣ 25 ਸੰਤਬਰ ਨੂੰ
ਜਸਵੰਤ ਸਿੰਘ ਗੁਰਮ

ਅਮਲੋਹ/15 ਸਤੰਬਰ : ਪਿੰਡ ਗੁਰਮ ਵਿਖੇ ਗ੍ਰਾਮ ਪੰਚਾਇਤ ਅਤੇ ਸਮੂਹ ਨਗਰ ਨਿਵਾਸੀਆਂ ਦੇ ਸਹਿਯੋਗ ਨਾਲ ਵਿਸ਼ਾਲ ਭਗਵਤੀ ਜਾਗਰਣ 25 ਸਤੰਬਰ ਨੂੰ ਕਰਵਾਇਆ ਜਾ ਰਿਹਾ ਹੈ। ਪ੍ਰਬੰਧਕਾਂ ਨੇ ਦੱਸਿਆ ਕਿ ਜਾਗਰਣ ਵਿੱਚ ਪ੍ਰਸਿੱਧ ਗਾਇਕ ਮਾਤਾ ਰਾਣੀ ਦੀਆਂ ਭੇਟਾਂ ਦਾ ਗੁਣਗਾਨ ਕਰਨਗੇ ਅਤੇ ਸੰਗਤਾਂ ਲਈ ਲੰਗਰ ਦਾ ਪ੍ਰਬੰਧ ਹੋਵੇਗਾ।

ਅਮਲੋਹ/15 ਸਤੰਬਰ : ਪਿੰਡ ਗੁਰਮ ਵਿਖੇ ਗ੍ਰਾਮ ਪੰਚਾਇਤ ਅਤੇ ਸਮੂਹ ਨਗਰ ਨਿਵਾਸੀਆਂ ਦੇ ਸਹਿਯੋਗ ਨਾਲ ਵਿਸ਼ਾਲ ਭਗਵਤੀ ਜਾਗਰਣ 25 ਸਤੰਬਰ ਨੂੰ ਕਰਵਾਇਆ ਜਾ ਰਿਹਾ ਹੈ। ਪ੍ਰਬੰਧਕਾਂ ਨੇ ਦੱਸਿਆ ਕਿ ਜਾਗਰਣ ਵਿੱਚ ਪ੍ਰਸਿੱਧ ਗਾਇਕ ਮਾਤਾ ਰਾਣੀ ਦੀਆਂ ਭੇਟਾਂ ਦਾ ਗੁਣਗਾਨ ਕਰਨਗੇ ਅਤੇ ਸੰਗਤਾਂ ਲਈ ਲੰਗਰ ਦਾ ਪ੍ਰਬੰਧ ਹੋਵੇਗਾ।

C M Y B
